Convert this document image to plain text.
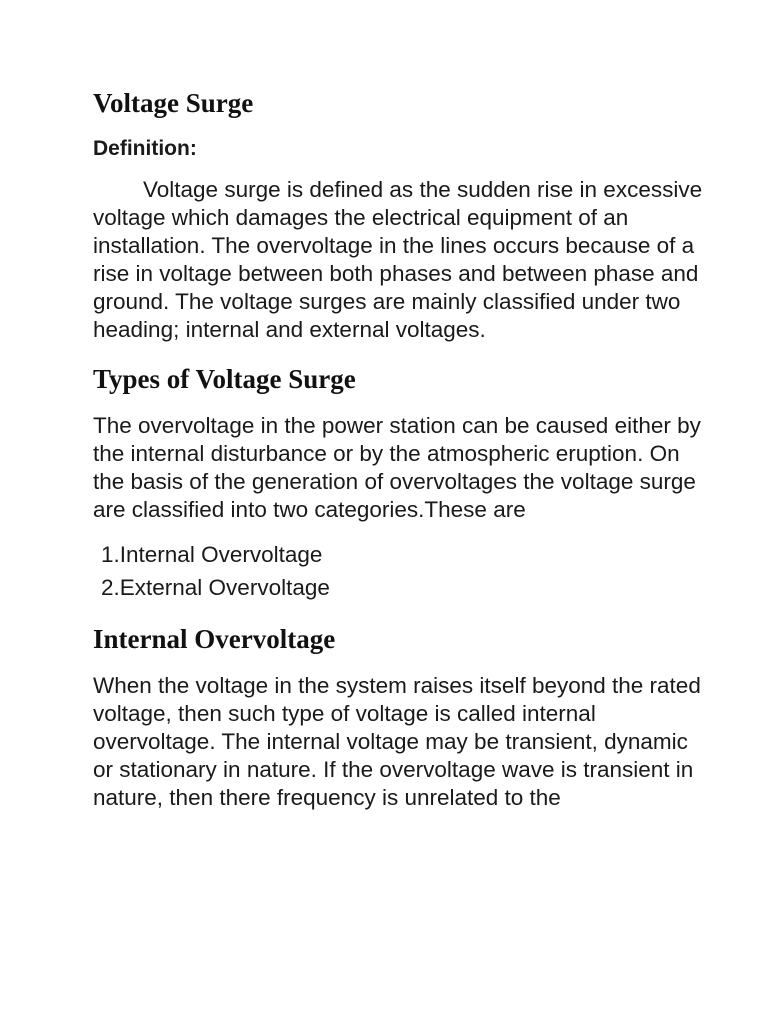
Voltage Surge
Definition:

Voltage surge is defined as the sudden rise in excessive voltage which damages the electrical equipment of an installation. The overvoltage in the lines occurs because of a rise in voltage between both phases and between phase and ground. The voltage surges are mainly classified under two heading; internal and external voltages.

Types of Voltage Surge

The overvoltage in the power station can be caused either by the internal disturbance or by the atmospheric eruption. On the basis of the generation of overvoltages the voltage surge are classified into two categories.These are

1.Internal Overvoltage
2.External Overvoltage
Internal Overvoltage

When the voltage in the system raises itself beyond the rated voltage, then such type of voltage is called internal overvoltage. The internal voltage may be transient, dynamic or stationary in nature. If the overvoltage wave is transient in nature, then there frequency is unrelated to the
